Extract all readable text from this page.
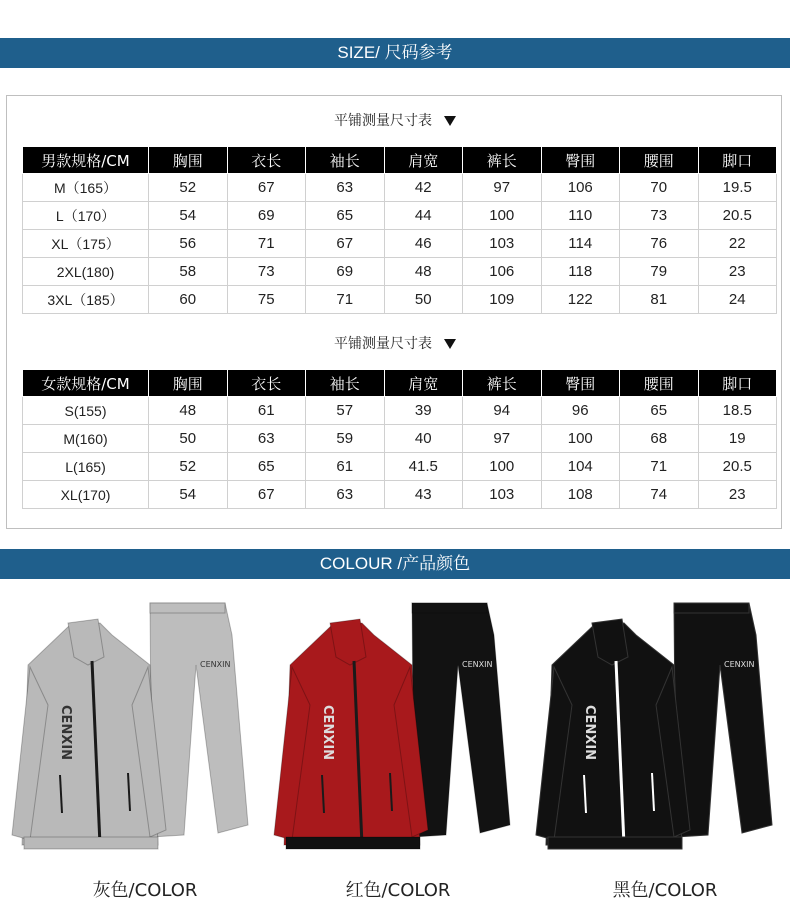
SIZE/ 尺码参考
平铺测量尺寸表
男款规格/CM	胸围	衣长	袖长	肩宽	裤长	臀围	腰围	脚口
M（165）	52	67	63	42	97	106	70	19.5
L（170）	54	69	65	44	100	110	73	20.5
XL（175）	56	71	67	46	103	114	76	22
2XL(180)	58	73	69	48	106	118	79	23
3XL（185）	60	75	71	50	109	122	81	24
平铺测量尺寸表
女款规格/CM	胸围	衣长	袖长	肩宽	裤长	臀围	腰围	脚口
S(155)	48	61	57	39	94	96	65	18.5
M(160)	50	63	59	40	97	100	68	19
L(165)	52	65	61	41.5	100	104	71	20.5
XL(170)	54	67	63	43	103	108	74	23
COLOUR /产品颜色
CENXIN
CENXIN
CENXIN
CENXIN
CENXIN
CENXIN
灰色/COLOR	红色/COLOR	黑色/COLOR
